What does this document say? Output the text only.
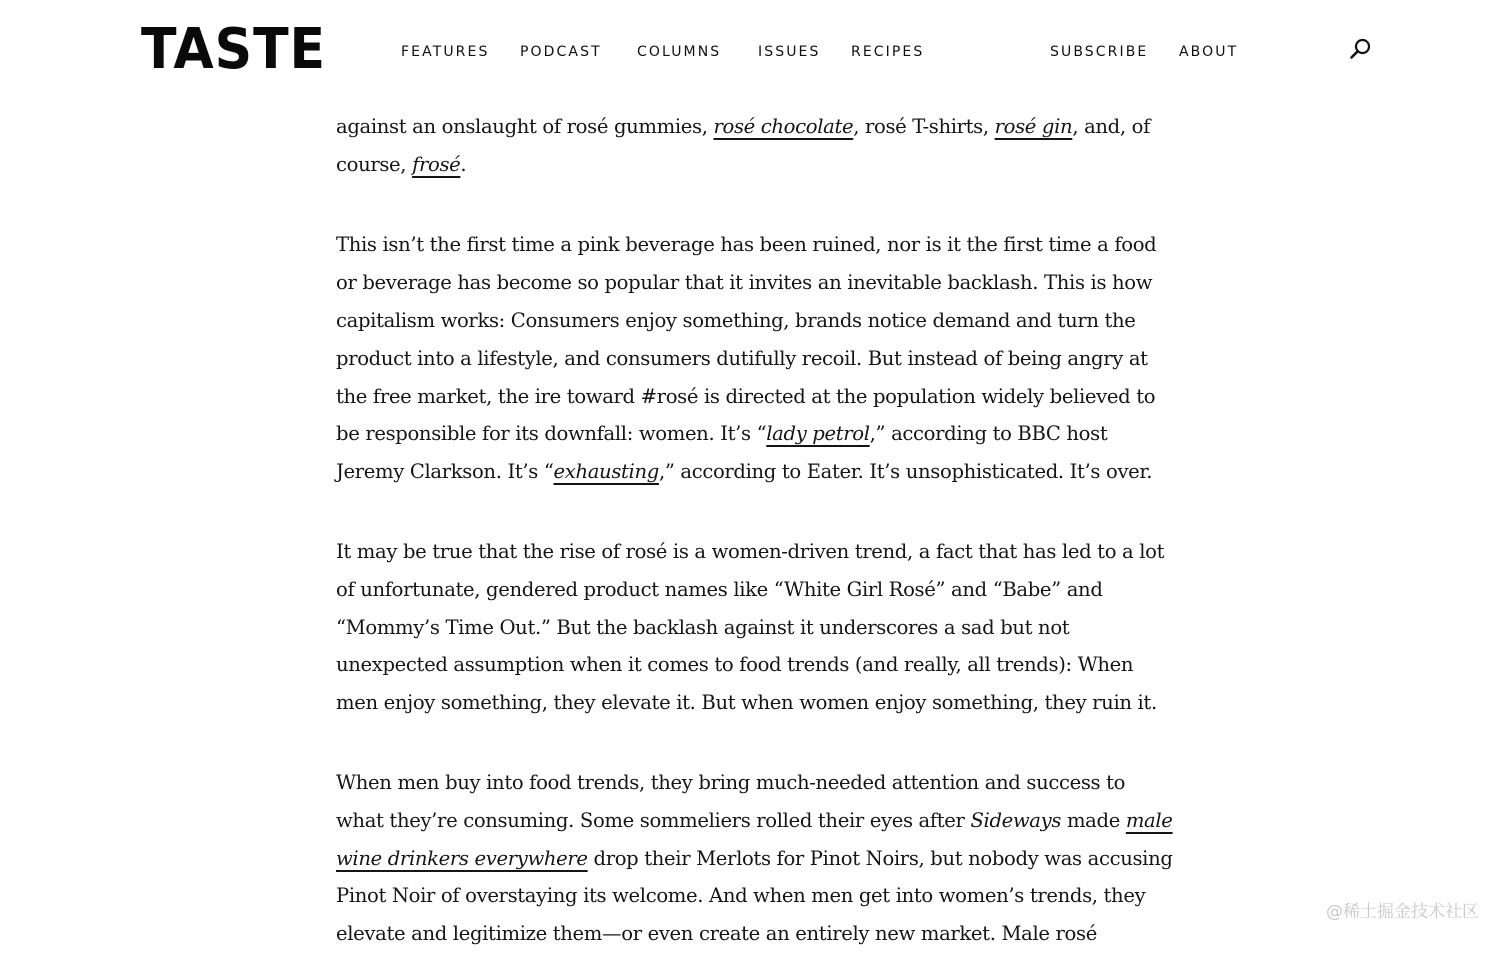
TASTE	FEATURES PODCAST	COLUMNS	ISSUES RECIPES	SUBSCRIBE ABOUT
against an onslaught of rosé gummies, rosé chocolate, rosé T-shirts, rosé gin, and, of
course, frosé.
This isn’t the first time a pink beverage has been ruined, nor is it the first time a food
or beverage has become so popular that it invites an inevitable backlash. This is how
capitalism works: Consumers enjoy something, brands notice demand and turn the
product into a lifestyle, and consumers dutifully recoil. But instead of being angry at
the free market, the ire toward #rosé is directed at the population widely believed to
be responsible for its downfall: women. It’s “lady petrol,” according to BBC host
Jeremy Clarkson. It’s “exhausting,” according to Eater. It’s unsophisticated. It’s over.
It may be true that the rise of rosé is a women-driven trend, a fact that has led to a lot
of unfortunate, gendered product names like “White Girl Rosé” and “Babe” and
“Mommy’s Time Out.” But the backlash against it underscores a sad but not
unexpected assumption when it comes to food trends (and really, all trends): When
men enjoy something, they elevate it. But when women enjoy something, they ruin it.
When men buy into food trends, they bring much-needed attention and success to
what they’re consuming. Some sommeliers rolled their eyes after Sideways made male
wine drinkers everywhere drop their Merlots for Pinot Noirs, but nobody was accusing
Pinot Noir of overstaying its welcome. And when men get into women’s trends, they
elevate and legitimize them—or even create an entirely new market. Male rosé
@稀土掘金技术社区
